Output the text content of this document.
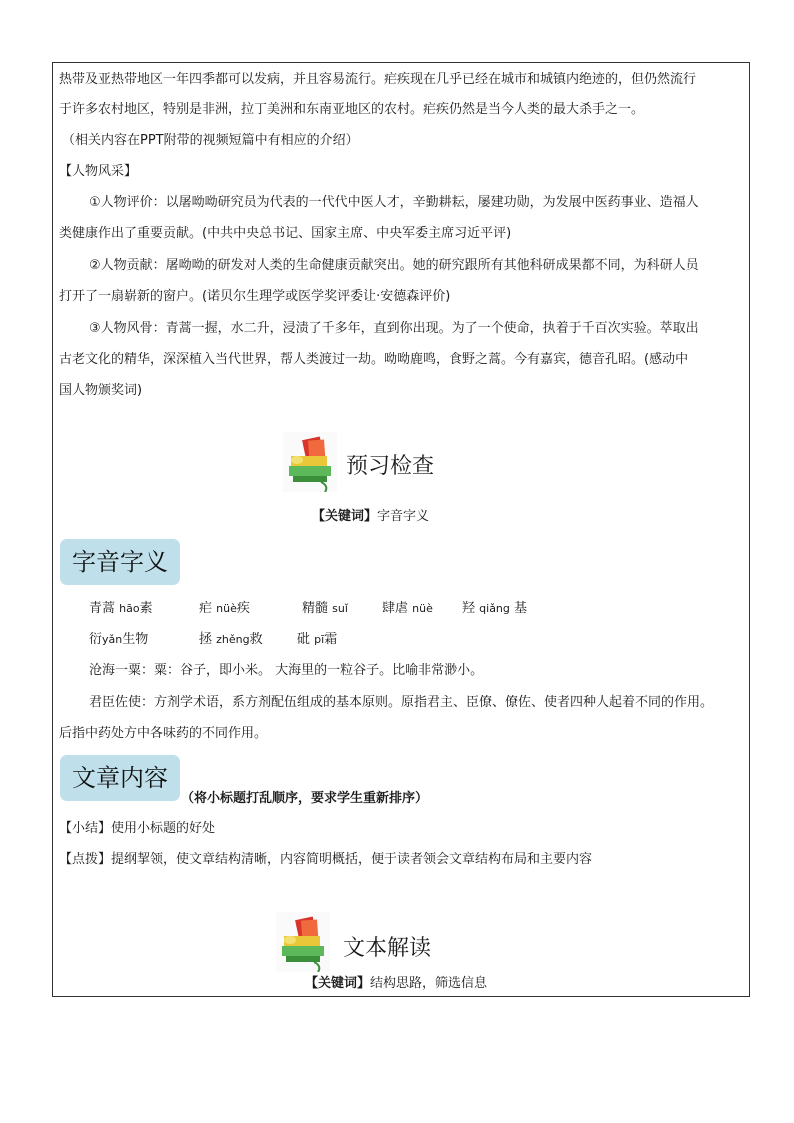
热带及亚热带地区一年四季都可以发病，并且容易流行。疟疾现在几乎已经在城市和城镇内绝迹的，但仍然流行
于许多农村地区，特别是非洲，拉丁美洲和东南亚地区的农村。疟疾仍然是当今人类的最大杀手之一。
（相关内容在PPT附带的视频短篇中有相应的介绍）
【人物风采】
①人物评价：以屠呦呦研究员为代表的一代代中医人才，辛勤耕耘，屡建功勋，为发展中医药事业、造福人
类健康作出了重要贡献。(中共中央总书记、国家主席、中央军委主席习近平评)
②人物贡献：屠呦呦的研发对人类的生命健康贡献突出。她的研究跟所有其他科研成果都不同，为科研人员
打开了一扇崭新的窗户。(诺贝尔生理学或医学奖评委让·安德森评价)
③人物风骨：青蒿一握，水二升，浸渍了千多年，直到你出现。为了一个使命，执着于千百次实验。萃取出
古老文化的精华，深深植入当代世界，帮人类渡过一劫。呦呦鹿鸣，食野之蒿。今有嘉宾，德音孔昭。(感动中
国人物颁奖词)
预习检查
【关键词】字音字义
字音字义
青蒿 hāo素	疟 nüè疾	精髓 suǐ	肆虐 nüè 羟 qiǎng 基
衍yǎn生物	拯 zhěng救	砒 pī霜
沧海一粟：粟：谷子，即小米。 大海里的一粒谷子。比喻非常渺小。
君臣佐使：方剂学术语，系方剂配伍组成的基本原则。原指君主、臣僚、僚佐、使者四种人起着不同的作用。
后指中药处方中各味药的不同作用。
文章内容
（将小标题打乱顺序，要求学生重新排序）
【小结】使用小标题的好处
【点拨】提纲挈领，使文章结构清晰，内容简明概括，便于读者领会文章结构布局和主要内容
文本解读
【关键词】结构思路，筛选信息
